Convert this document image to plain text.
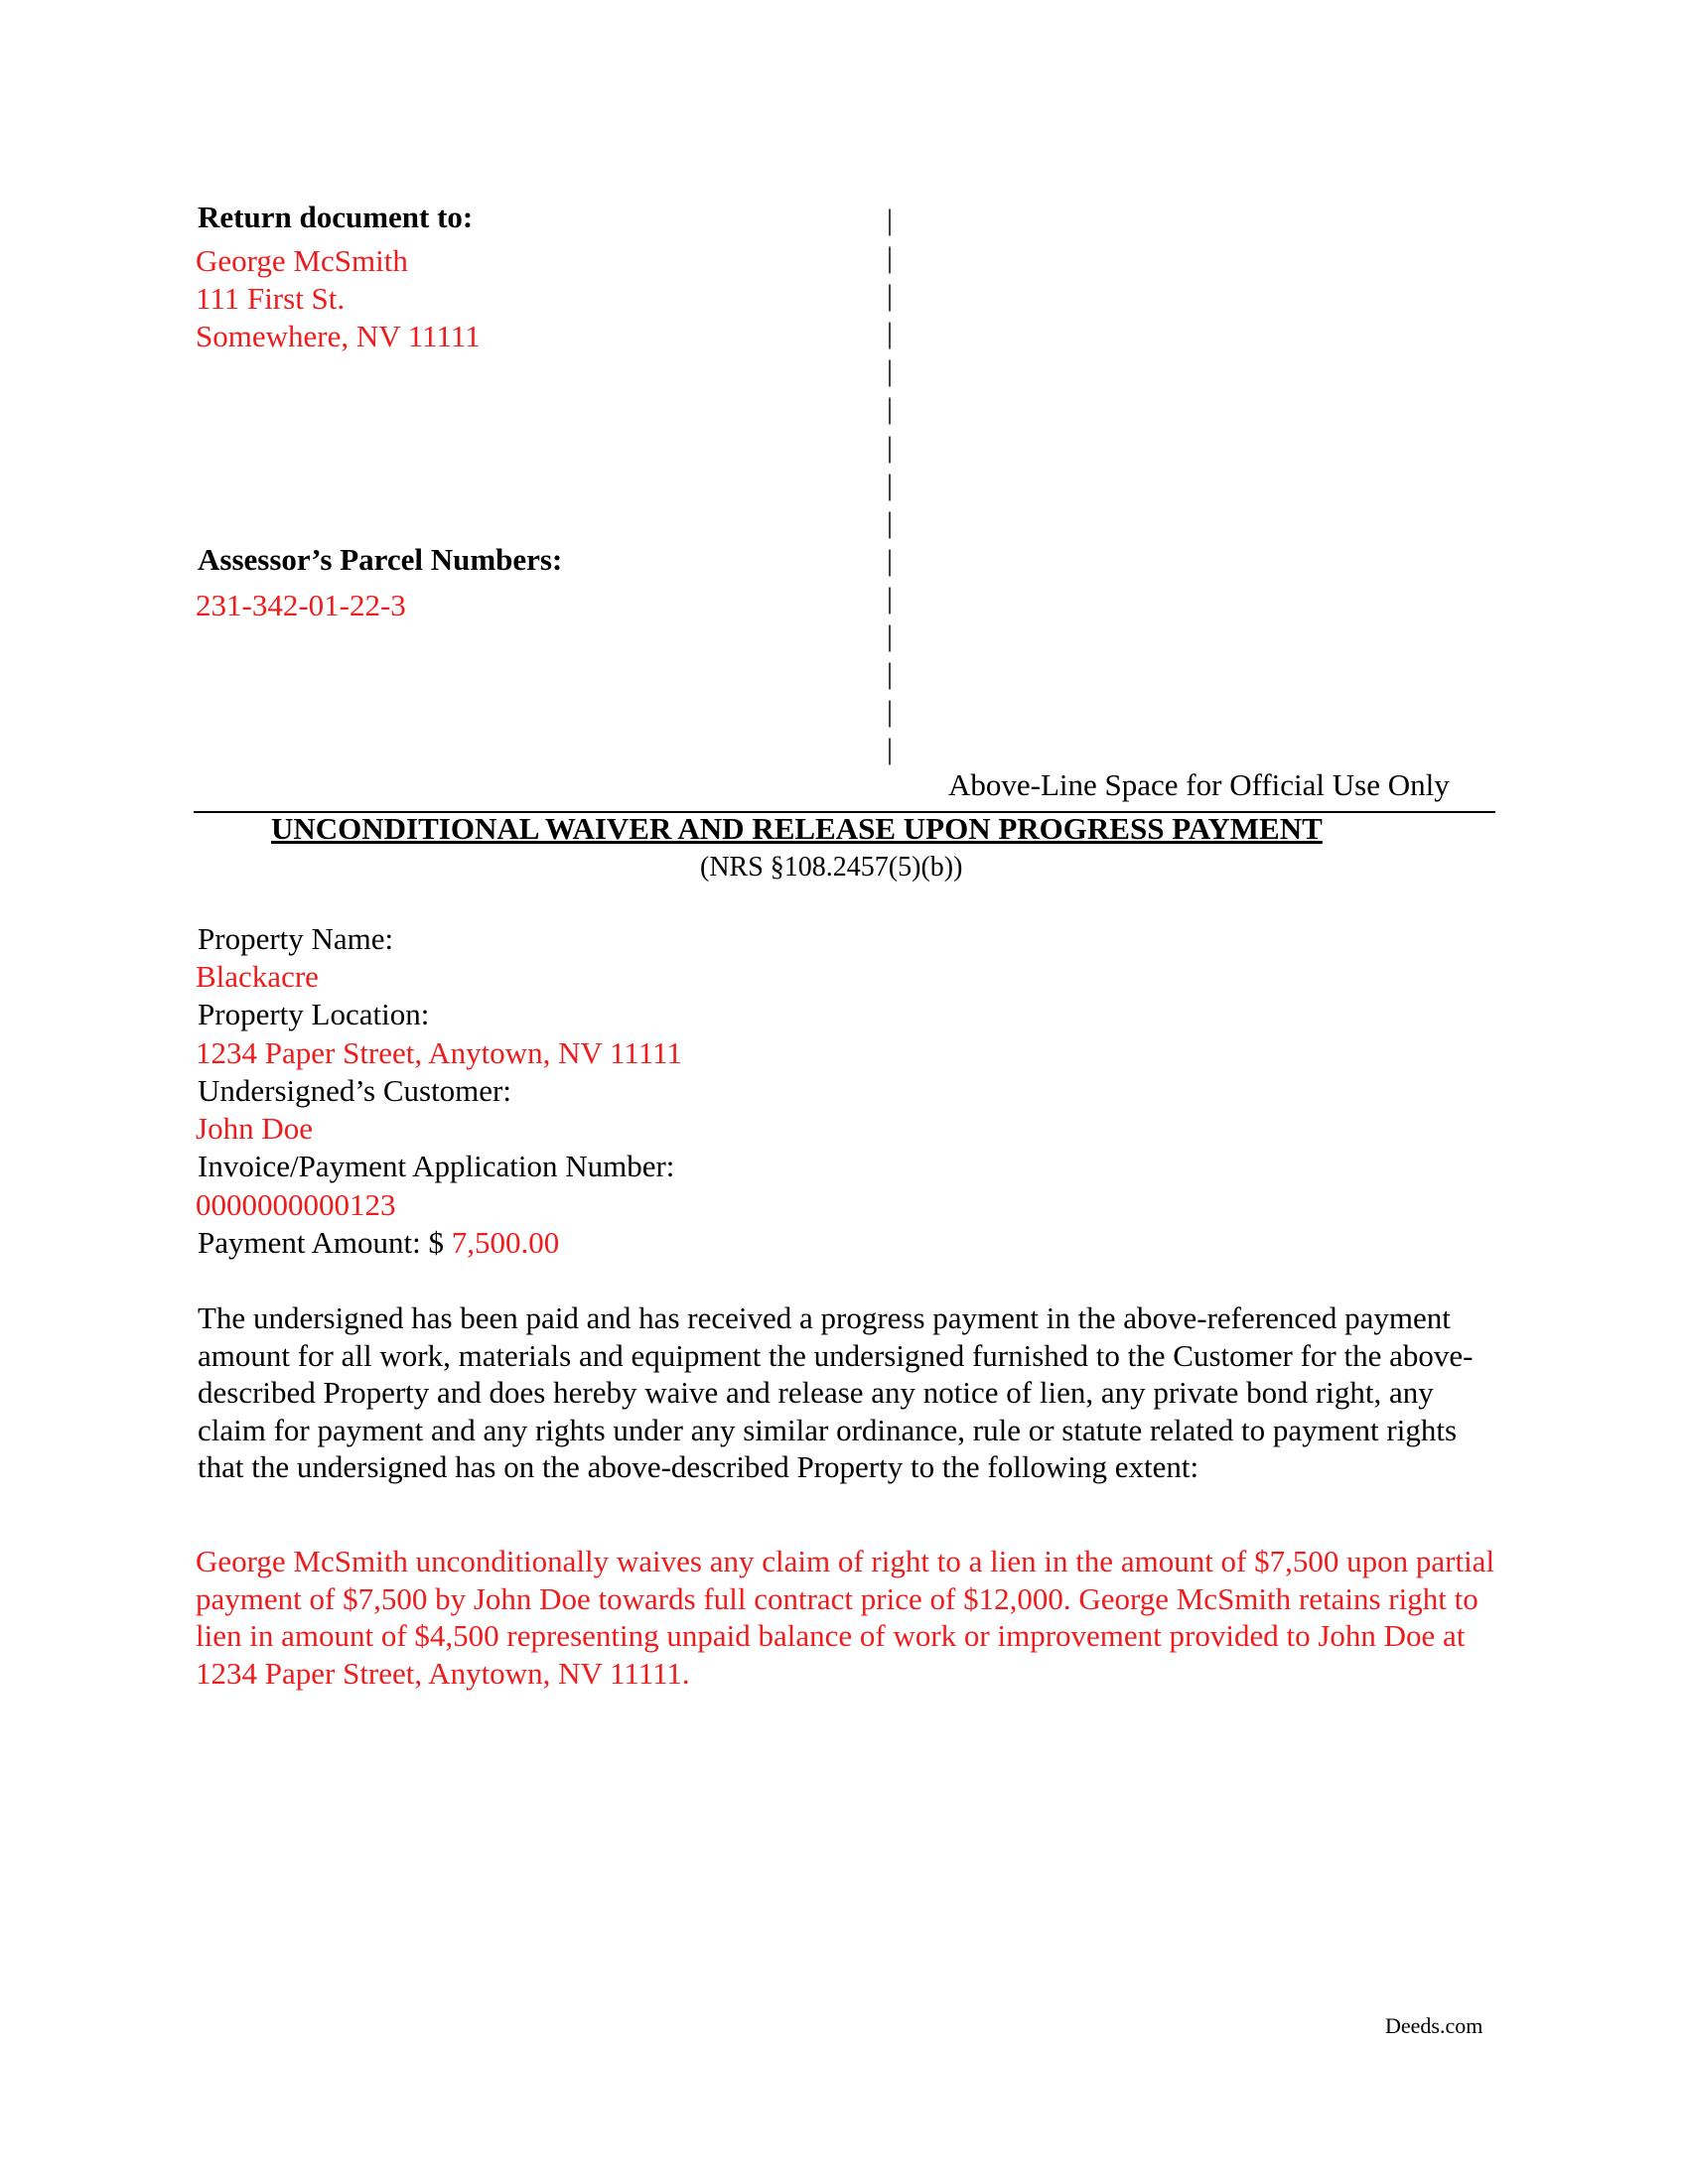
Return document to:
George McSmith
111 First St.
Somewhere, NV 11111
Assessor’s Parcel Numbers:
231-342-01-22-3
|
|
|
|
|
|
|
|
|
|
|
|
|
|
|
Above-Line Space for Official Use Only
UNCONDITIONAL WAIVER AND RELEASE UPON PROGRESS PAYMENT
(NRS §108.2457(5)(b))
Property Name:
Blackacre
Property Location:
1234 Paper Street, Anytown, NV 11111
Undersigned’s Customer:
John Doe
Invoice/Payment Application Number:
0000000000123
Payment Amount: $ 7,500.00
The undersigned has been paid and has received a progress payment in the above-referenced payment amount for all work, materials and equipment the undersigned furnished to the Customer for the above-described Property and does hereby waive and release any notice of lien, any private bond right, any claim for payment and any rights under any similar ordinance, rule or statute related to payment rights that the undersigned has on the above-described Property to the following extent:
George McSmith unconditionally waives any claim of right to a lien in the amount of $7,500 upon partial payment of $7,500 by John Doe towards full contract price of $12,000. George McSmith retains right to lien in amount of $4,500 representing unpaid balance of work or improvement provided to John Doe at 1234 Paper Street, Anytown, NV 11111.
Deeds.com
